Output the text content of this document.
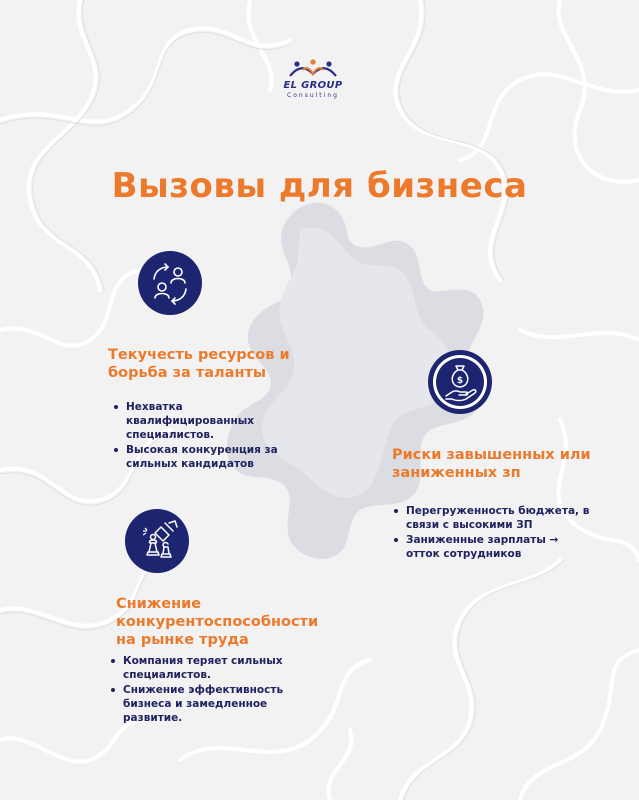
EL GROUP
Consulting
Вызовы для бизнеса
Текучесть ресурсов и борьба за таланты
Нехватка квалифицированных специалистов.
Высокая конкуренция за сильных кандидатов
$
Риски завышенных или заниженных зп
Перегруженность бюджета, в связи с высокими ЗП
Заниженные зарплаты → отток сотрудников
Снижение конкурентоспособности на рынке труда
Компания теряет сильных специалистов.
Снижение эффективность бизнеса и замедленное развитие.
